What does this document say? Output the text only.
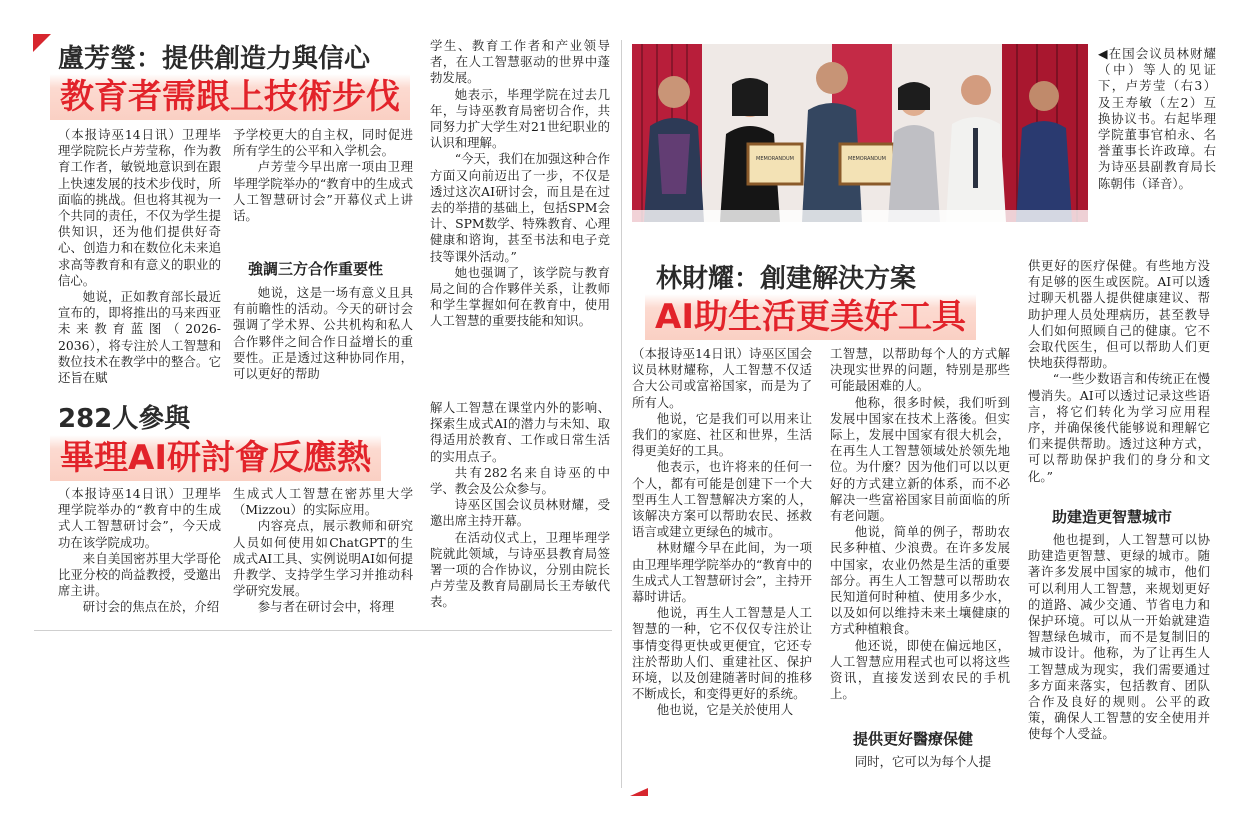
盧芳瑩：提供創造力與信心
教育者需跟上技術步伐

（本报诗巫14日讯）卫理毕理学院院长卢芳莹称，作为教育工作者，敏锐地意识到在跟上快速发展的技术步伐时，所面临的挑战。但也将其视为一个共同的责任，不仅为学生提供知识，还为他们提供好奇心、创造力和在数位化未来追求高等教育和有意义的职业的信心。

她说，正如教育部长最近宣布的，即将推出的马来西亚未来教育蓝图（2026-2036），将专注於人工智慧和数位技术在教学中的整合。它还旨在赋

予学校更大的自主权，同时促进所有学生的公平和入学机会。

卢芳莹今早出席一项由卫理毕理学院举办的“教育中的生成式人工智慧研讨会”开幕仪式上讲话。

強調三方合作重要性

她说，这是一场有意义且具有前瞻性的活动。今天的研讨会强调了学术界、公共机构和私人合作夥伴之间合作日益增长的重要性。正是透过这种协同作用，可以更好的帮助

学生、教育工作者和产业领导者，在人工智慧驱动的世界中蓬勃发展。

她表示，毕理学院在过去几年，与诗巫教育局密切合作，共同努力扩大学生对21世纪职业的认识和理解。

“今天，我们在加强这种合作方面又向前迈出了一步，不仅是透过这次AI研讨会，而且是在过去的举措的基础上，包括SPM会计、SPM数学、特殊教育、心理健康和谘询，甚至书法和电子竞技等课外活动。”

她也强调了，该学院与教育局之间的合作夥伴关系，让教师和学生掌握如何在教育中，使用人工智慧的重要技能和知识。

282人參與
畢理AI研討會反應熱

（本报诗巫14日讯）卫理毕理学院举办的“教育中的生成式人工智慧研讨会”，今天成功在该学院成功。

来自美国密苏里大学哥伦比亚分校的尚益教授，受邀出席主讲。

研讨会的焦点在於，介绍

生成式人工智慧在密苏里大学（Mizzou）的实际应用。

内容亮点，展示教师和研究人员如何使用如ChatGPT的生成式AI工具、实例说明AI如何提升教学、支持学生学习并推动科学研究发展。

参与者在研讨会中，将理

解人工智慧在课堂内外的影响、探索生成式AI的潜力与未知、取得适用於教育、工作或日常生活的实用点子。

共有282名来自诗巫的中学、教会及公众参与。

诗巫区国会议员林财耀，受邀出席主持开幕。

在活动仪式上，卫理毕理学院就此领域，与诗巫县教育局签署一项的合作协议，分别由院长卢芳莹及教育局副局长王寿敏代表。

MEMORANDUM	MEMORANDUM
◀在国会议员林财耀（中）等人的见证下，卢芳莹（右3）及王寿敏（左2）互换协议书。右起毕理学院董事官柏永、名誉董事长许政璋。右为诗巫县副教育局长陈朝伟（译音）。
林財耀：創建解決方案
AI助生活更美好工具

（本报诗巫14日讯）诗巫区国会议员林财耀称，人工智慧不仅适合大公司或富裕国家，而是为了所有人。

他说，它是我们可以用来让我们的家庭、社区和世界，生活得更美好的工具。

他表示，也许将来的任何一个人，都有可能是创建下一个大型再生人工智慧解决方案的人，该解决方案可以帮助农民、拯救语言或建立更绿色的城市。

林财耀今早在此间，为一项由卫理毕理学院举办的“教育中的生成式人工智慧研讨会”，主持开幕时讲话。

他说，再生人工智慧是人工智慧的一种，它不仅仅专注於让事情变得更快或更便宜，它还专注於帮助人们、重建社区、保护环境，以及创建随著时间的推移不断成长，和变得更好的系统。

他也说，它是关於使用人

工智慧，以帮助每个人的方式解决现实世界的问题，特别是那些可能最困难的人。

他称，很多时候，我们听到发展中国家在技术上落後。但实际上，发展中国家有很大机会，在再生人工智慧领域处於领先地位。为什麼？因为他们可以以更好的方式建立新的体系，而不必解决一些富裕国家目前面临的所有老问题。

他说，简单的例子，帮助农民多种植、少浪费。在许多发展中国家，农业仍然是生活的重要部分。再生人工智慧可以帮助农民知道何时种植、使用多少水，以及如何以维持未来土壤健康的方式种植粮食。

他还说，即使在偏远地区，人工智慧应用程式也可以将这些资讯，直接发送到农民的手机上。

提供更好醫療保健

同时，它可以为每个人提

供更好的医疗保健。有些地方没有足够的医生或医院。AI可以透过聊天机器人提供健康建议、帮助护理人员处理病历，甚至教导人们如何照顾自己的健康。它不会取代医生，但可以帮助人们更快地获得帮助。

“一些少数语言和传统正在慢慢消失。AI可以透过记录这些语言，将它们转化为学习应用程序，并确保後代能够说和理解它们来提供帮助。透过这种方式，可以帮助保护我们的身分和文化。”

助建造更智慧城市

他也提到，人工智慧可以协助建造更智慧、更绿的城市。随著许多发展中国家的城市，他们可以利用人工智慧，来规划更好的道路、减少交通、节省电力和保护环境。可以从一开始就建造智慧绿色城市，而不是复制旧的城市设计。他称，为了让再生人工智慧成为现实，我们需要通过多方面来落实，包括教育、团队合作及良好的规则。公平的政策，确保人工智慧的安全使用并使每个人受益。
